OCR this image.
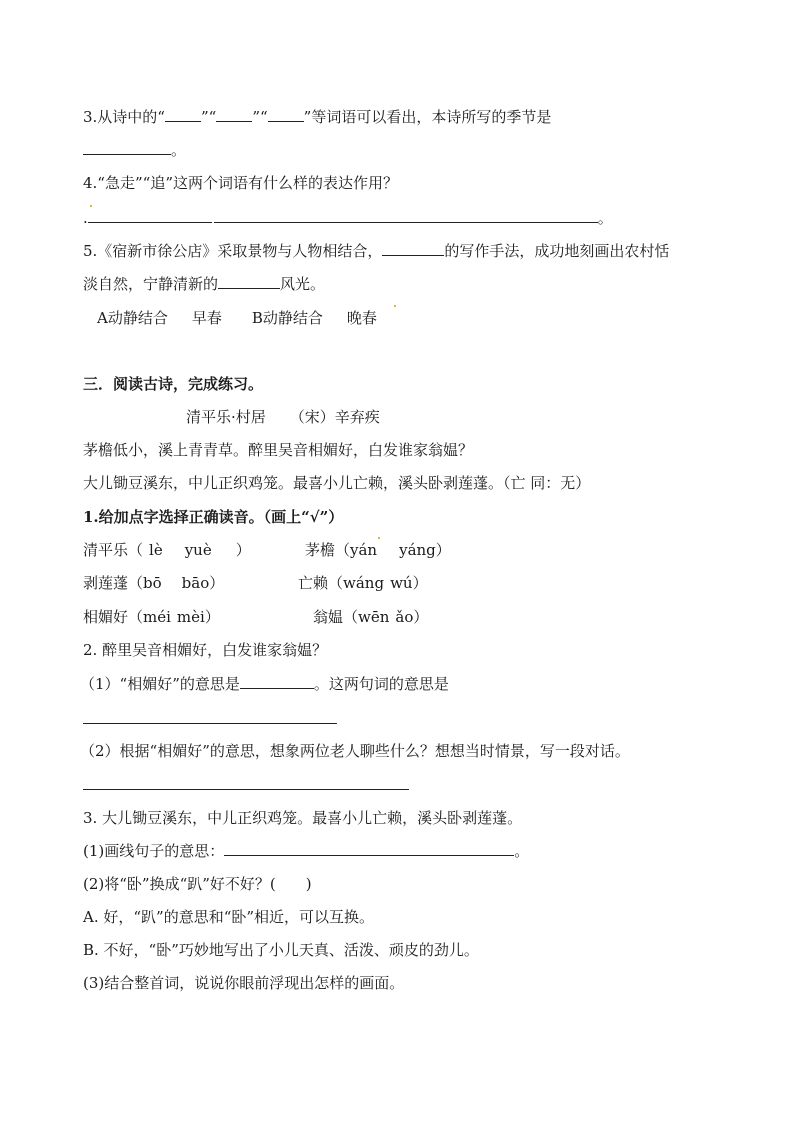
3.从诗中的“ ”“ ”“ ”等词语可以看出，本诗所写的季节是
。
4.“急走”“追”这两个词语有什么样的表达作用？
.	。
5.《宿新市徐公店》采取景物与人物相结合，	的写作手法，成功地刻画出农村恬
淡自然，宁静清新的	风光。
A动静结合 早春 B动静结合 晚春
三．阅读古诗，完成练习。
清平乐·村居 （宋）辛弃疾
茅檐低小，溪上青青草。醉里吴音相媚好，白发谁家翁媪？
大儿锄豆溪东，中儿正织鸡笼。最喜小儿亡赖，溪头卧剥莲蓬。（亡 同：无）
1.给加点字选择正确读音。（画上“√”）
清平乐（ lè yuè ）	茅檐（yán yáng）
剥莲蓬（bō bāo）	亡赖（wáng wú）
相媚好（méi mèi）	翁媪（wēn ǎo）
2. 醉里吴音相媚好，白发谁家翁媪？
（1）“相媚好”的意思是	。这两句词的意思是
（2）根据“相媚好”的意思，想象两位老人聊些什么？想想当时情景，写一段对话。
3. 大儿锄豆溪东，中儿正织鸡笼。最喜小儿亡赖，溪头卧剥莲蓬。
(1)画线句子的意思：	。
(2)将“卧”换成“趴”好不好？(　　)
A. 好，“趴”的意思和“卧”相近，可以互换。
B. 不好，“卧”巧妙地写出了小儿天真、活泼、顽皮的劲儿。
(3)结合整首词，说说你眼前浮现出怎样的画面。
